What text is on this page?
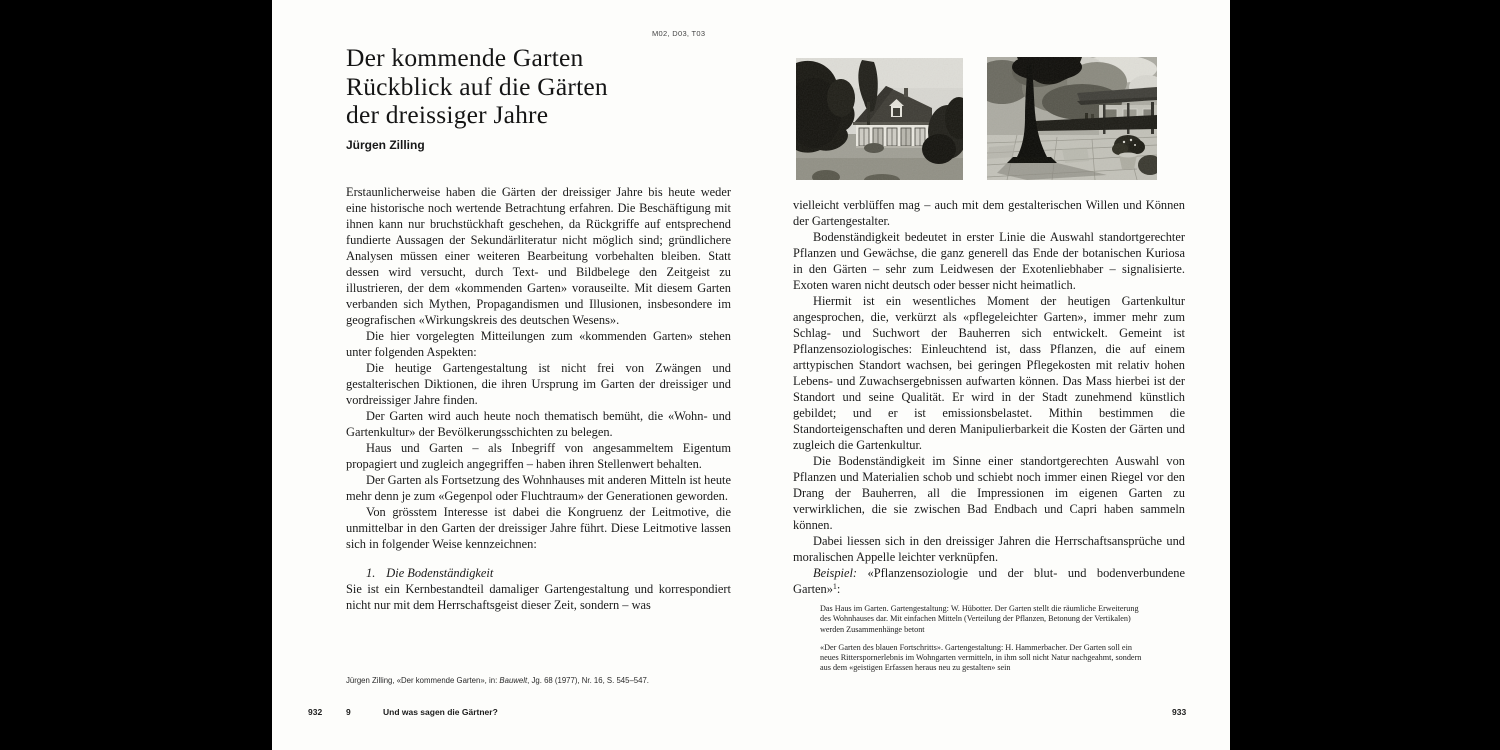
M02, D03, T03
Der kommende Garten
Rückblick auf die Gärten
der dreissiger Jahre
Jürgen Zilling

Erstaunlicherweise haben die Gärten der dreissiger Jahre bis heute weder eine historische noch wertende Betrachtung erfahren. Die Beschäftigung mit ihnen kann nur bruchstückhaft geschehen, da Rückgriffe auf entsprechend fundierte Aussagen der Sekundärliteratur nicht möglich sind; gründlichere Analysen müssen einer weiteren Bearbeitung vorbehalten bleiben. Statt dessen wird versucht, durch Text- und Bildbelege den Zeitgeist zu illustrieren, der dem «kommenden Garten» vorauseilte. Mit diesem Garten verbanden sich Mythen, Propagandismen und Illusionen, insbesondere im geografischen «Wirkungskreis des deutschen Wesens».

Die hier vorgelegten Mitteilungen zum «kommenden Garten» stehen unter folgenden Aspekten:

Die heutige Gartengestaltung ist nicht frei von Zwängen und gestalterischen Diktionen, die ihren Ursprung im Garten der dreissiger und vordreissiger Jahre finden.

Der Garten wird auch heute noch thematisch bemüht, die «Wohn- und Gartenkultur» der Bevölkerungsschichten zu belegen.

Haus und Garten – als Inbegriff von angesammeltem Eigentum propagiert und zugleich angegriffen – haben ihren Stellenwert behalten.

Der Garten als Fortsetzung des Wohnhauses mit anderen Mitteln ist heute mehr denn je zum «Gegenpol oder Fluchtraum» der Generationen geworden.

Von grösstem Interesse ist dabei die Kongruenz der Leitmotive, die unmittelbar in den Garten der dreissiger Jahre führt. Diese Leitmotive lassen sich in folgender Weise kennzeichnen:

1. Die Bodenständigkeit

Sie ist ein Kernbestandteil damaliger Gartengestaltung und korrespondiert nicht nur mit dem Herrschaftsgeist dieser Zeit, sondern – was

Jürgen Zilling, «Der kommende Garten», in: Bauwelt, Jg. 68 (1977), Nr. 16, S. 545–547.
932	9	Und was sagen die Gärtner?

vielleicht verblüffen mag – auch mit dem gestalterischen Willen und Können der Gartengestalter.

Bodenständigkeit bedeutet in erster Linie die Auswahl standortgerechter Pflanzen und Gewächse, die ganz generell das Ende der botanischen Kuriosa in den Gärten – sehr zum Leidwesen der Exotenliebhaber – signalisierte. Exoten waren nicht deutsch oder besser nicht heimatlich.

Hiermit ist ein wesentliches Moment der heutigen Gartenkultur angesprochen, die, verkürzt als «pflegeleichter Garten», immer mehr zum Schlag- und Suchwort der Bauherren sich entwickelt. Gemeint ist Pflanzensoziologisches: Einleuchtend ist, dass Pflanzen, die auf einem arttypischen Standort wachsen, bei geringen Pflegekosten mit relativ hohen Lebens- und Zuwachsergebnissen aufwarten können. Das Mass hierbei ist der Standort und seine Qualität. Er wird in der Stadt zunehmend künstlich gebildet; und er ist emissionsbelastet. Mithin bestimmen die Standorteigenschaften und deren Manipulierbarkeit die Kosten der Gärten und zugleich die Gartenkultur.

Die Bodenständigkeit im Sinne einer standortgerechten Auswahl von Pflanzen und Materialien schob und schiebt noch immer einen Riegel vor den Drang der Bauherren, all die Impressionen im eigenen Garten zu verwirklichen, die sie zwischen Bad Endbach und Capri haben sammeln können.

Dabei liessen sich in den dreissiger Jahren die Herrschaftsansprüche und moralischen Appelle leichter verknüpfen.

Beispiel: «Pflanzensoziologie und der blut- und bodenverbundene Garten»$^1$:

Das Haus im Garten. Gartengestaltung: W. Hübotter. Der Garten stellt die räumliche Erweiterung des Wohnhauses dar. Mit einfachen Mitteln (Verteilung der Pflanzen, Betonung der Vertikalen) werden Zusammenhänge betont

«Der Garten des blauen Fortschritts». Gartengestaltung: H. Hammerbacher. Der Garten soll ein neues Ritterspornerlebnis im Wohngarten vermitteln, in ihm soll nicht Natur nachgeahmt, sondern aus dem «geistigen Erfassen heraus neu zu gestalten» sein

933
